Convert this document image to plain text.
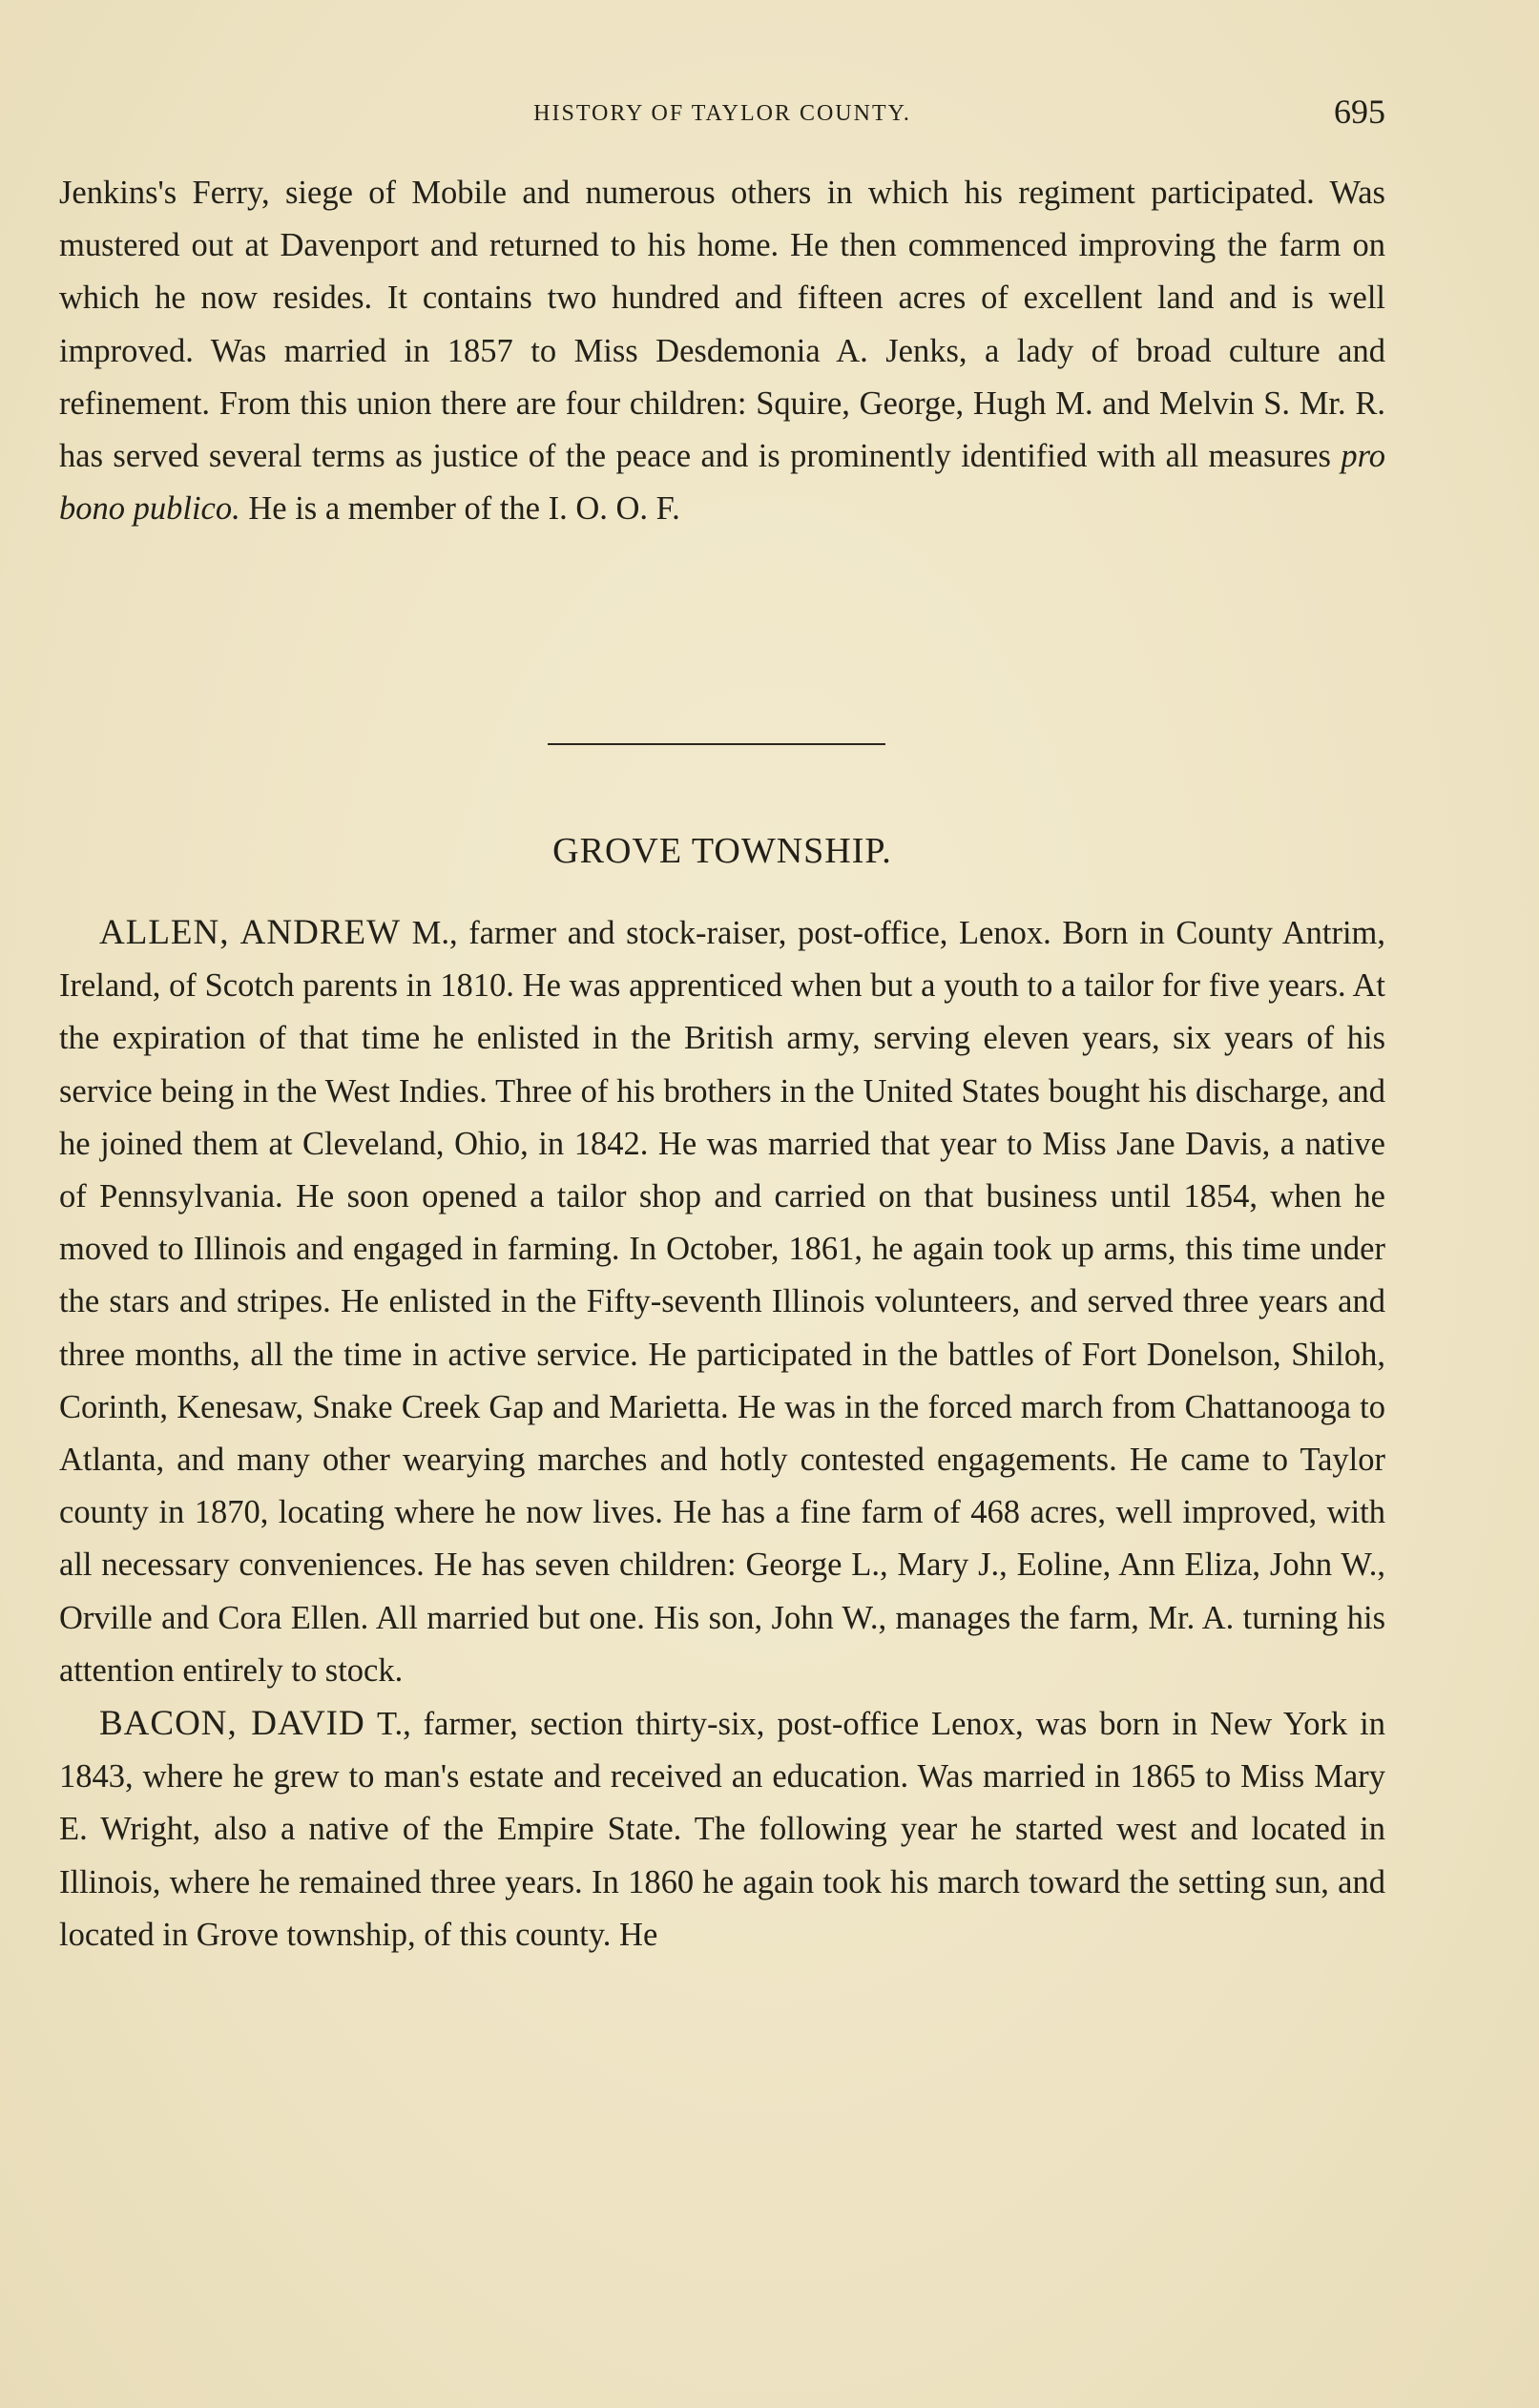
HISTORY OF TAYLOR COUNTY.	695

Jenkins's Ferry, siege of Mobile and numerous others in which his regiment participated. Was mustered out at Davenport and returned to his home. He then commenced improving the farm on which he now resides. It contains two hundred and fifteen acres of excellent land and is well improved. Was married in 1857 to Miss Desdemonia A. Jenks, a lady of broad culture and refinement. From this union there are four children: Squire, George, Hugh M. and Melvin S. Mr. R. has served several terms as justice of the peace and is prominently identified with all measures pro bono publico. He is a member of the I. O. O. F.

GROVE TOWNSHIP.

ALLEN, ANDREW M., farmer and stock-raiser, post-office, Lenox. Born in County Antrim, Ireland, of Scotch parents in 1810. He was apprenticed when but a youth to a tailor for five years. At the expiration of that time he enlisted in the British army, serving eleven years, six years of his service being in the West Indies. Three of his brothers in the United States bought his discharge, and he joined them at Cleveland, Ohio, in 1842. He was married that year to Miss Jane Davis, a native of Pennsylvania. He soon opened a tailor shop and carried on that business until 1854, when he moved to Illinois and engaged in farming. In October, 1861, he again took up arms, this time under the stars and stripes. He enlisted in the Fifty-seventh Illinois volunteers, and served three years and three months, all the time in active service. He participated in the battles of Fort Donelson, Shiloh, Corinth, Kenesaw, Snake Creek Gap and Marietta. He was in the forced march from Chattanooga to Atlanta, and many other wearying marches and hotly contested engagements. He came to Taylor county in 1870, locating where he now lives. He has a fine farm of 468 acres, well improved, with all necessary conveniences. He has seven children: George L., Mary J., Eoline, Ann Eliza, John W., Orville and Cora Ellen. All married but one. His son, John W., manages the farm, Mr. A. turning his attention entirely to stock.

BACON, DAVID T., farmer, section thirty-six, post-office Lenox, was born in New York in 1843, where he grew to man's estate and received an education. Was married in 1865 to Miss Mary E. Wright, also a native of the Empire State. The following year he started west and located in Illinois, where he remained three years. In 1860 he again took his march toward the setting sun, and located in Grove township, of this county. He
